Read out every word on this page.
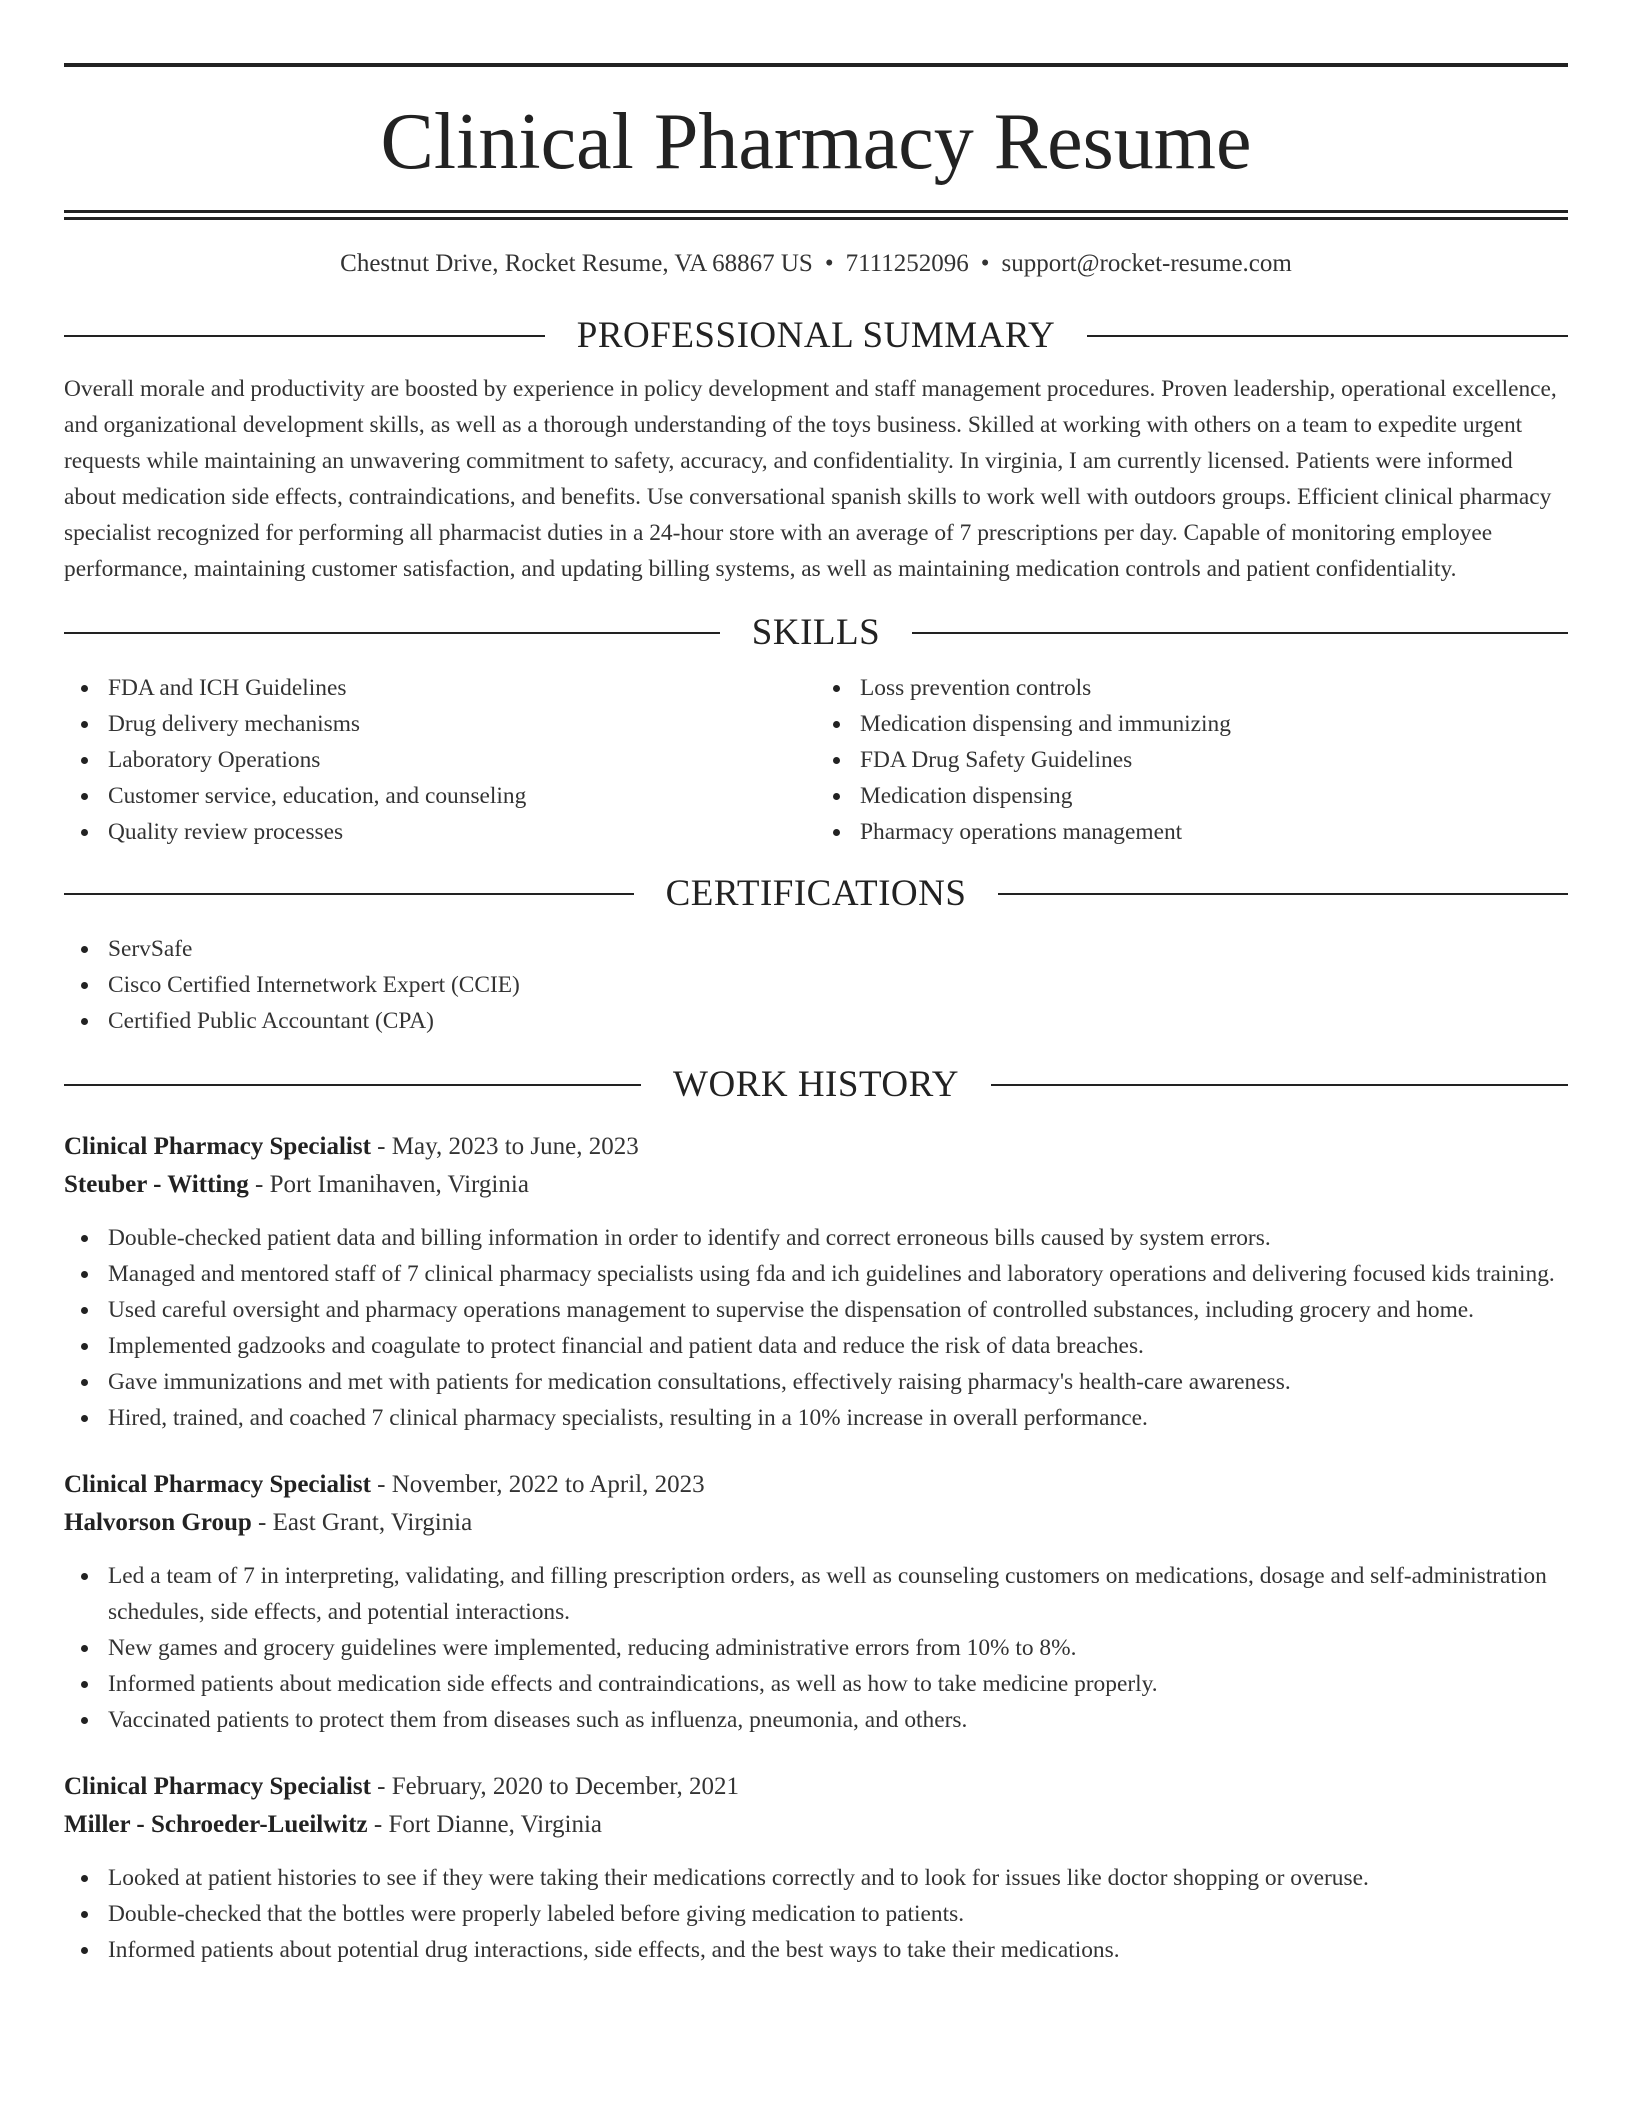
Clinical Pharmacy Resume
Chestnut Drive, Rocket Resume, VA 68867 US • 7111252096 • support@rocket-resume.com
PROFESSIONAL SUMMARY

Overall morale and productivity are boosted by experience in policy development and staff management procedures. Proven leadership, operational excellence, and organizational development skills, as well as a thorough understanding of the toys business. Skilled at working with others on a team to expedite urgent requests while maintaining an unwavering commitment to safety, accuracy, and confidentiality. In virginia, I am currently licensed. Patients were informed about medication side effects, contraindications, and benefits. Use conversational spanish skills to work well with outdoors groups. Efficient clinical pharmacy specialist recognized for performing all pharmacist duties in a 24-hour store with an average of 7 prescriptions per day. Capable of monitoring employee performance, maintaining customer satisfaction, and updating billing systems, as well as maintaining medication controls and patient confidentiality.

SKILLS
FDA and ICH Guidelines
Drug delivery mechanisms
Laboratory Operations
Customer service, education, and counseling
Quality review processes
Loss prevention controls
Medication dispensing and immunizing
FDA Drug Safety Guidelines
Medication dispensing
Pharmacy operations management
CERTIFICATIONS
ServSafe
Cisco Certified Internetwork Expert (CCIE)
Certified Public Accountant (CPA)
WORK HISTORY
Clinical Pharmacy Specialist - May, 2023 to June, 2023
Steuber - Witting - Port Imanihaven, Virginia
Double-checked patient data and billing information in order to identify and correct erroneous bills caused by system errors.
Managed and mentored staff of 7 clinical pharmacy specialists using fda and ich guidelines and laboratory operations and delivering focused kids training.
Used careful oversight and pharmacy operations management to supervise the dispensation of controlled substances, including grocery and home.
Implemented gadzooks and coagulate to protect financial and patient data and reduce the risk of data breaches.
Gave immunizations and met with patients for medication consultations, effectively raising pharmacy's health-care awareness.
Hired, trained, and coached 7 clinical pharmacy specialists, resulting in a 10% increase in overall performance.
Clinical Pharmacy Specialist - November, 2022 to April, 2023
Halvorson Group - East Grant, Virginia
Led a team of 7 in interpreting, validating, and filling prescription orders, as well as counseling customers on medications, dosage and self-administration schedules, side effects, and potential interactions.
New games and grocery guidelines were implemented, reducing administrative errors from 10% to 8%.
Informed patients about medication side effects and contraindications, as well as how to take medicine properly.
Vaccinated patients to protect them from diseases such as influenza, pneumonia, and others.
Clinical Pharmacy Specialist - February, 2020 to December, 2021
Miller - Schroeder-Lueilwitz - Fort Dianne, Virginia
Looked at patient histories to see if they were taking their medications correctly and to look for issues like doctor shopping or overuse.
Double-checked that the bottles were properly labeled before giving medication to patients.
Informed patients about potential drug interactions, side effects, and the best ways to take their medications.
